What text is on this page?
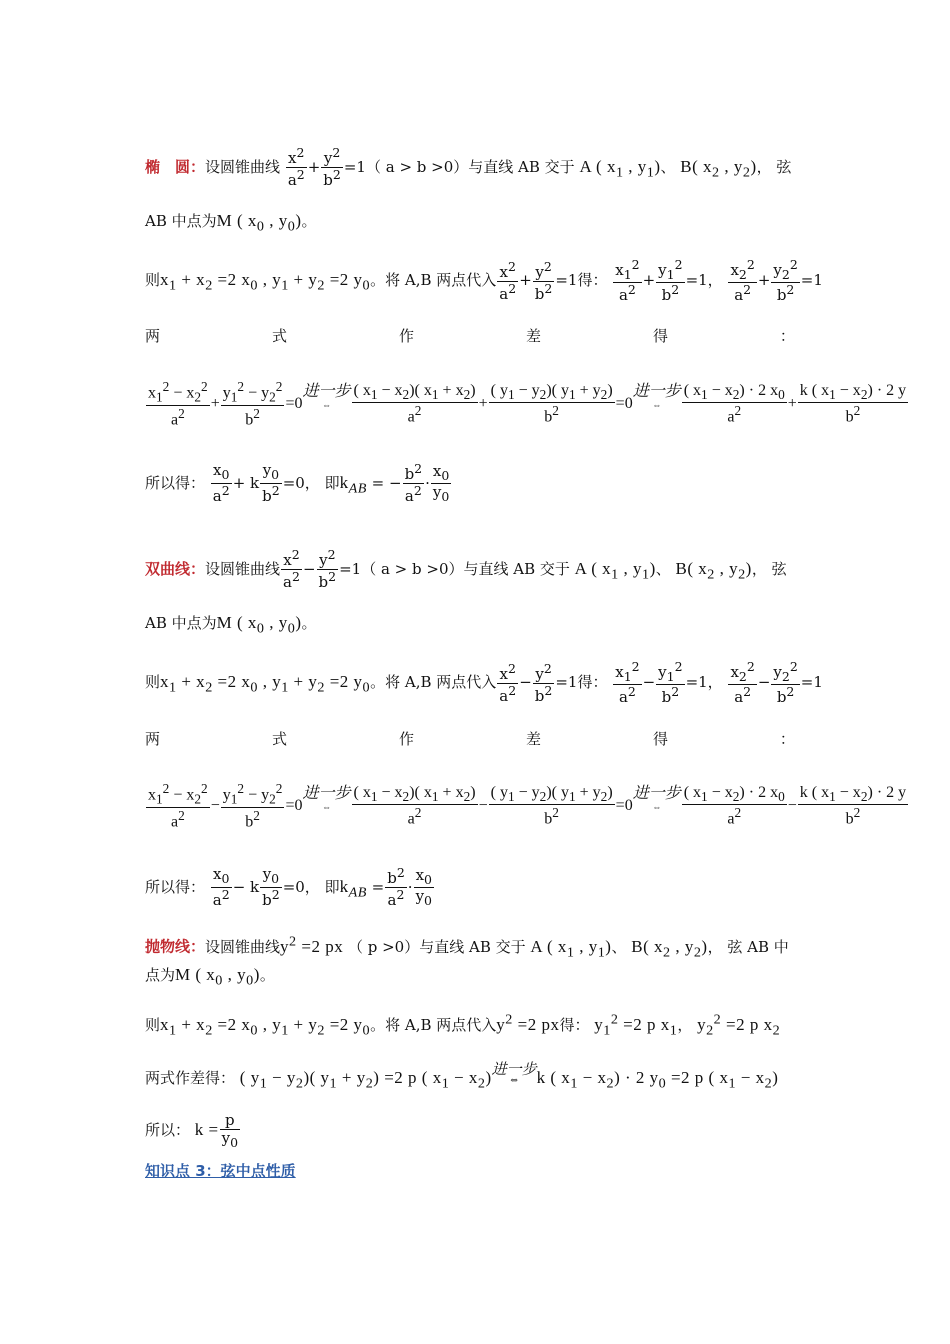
椭　圆：
设圆锥曲线 $\frac{x^2}{a^2} + \frac{y^2}{b^2} =1$（ a > b >0）与直线 AB 交于 A ( $x_1$ , $y_1$)、 B( $x_2$ , $y_2$)， 弦
AB 中点为M ( $x_0$ , $y_0$)。
则$x_1 + x_2 =2$ $x_0$ , $y_1 + y_2 =2$ $y_0$。将 A,B 两点代入 $\frac{x^2}{a^2} + \frac{y^2}{b^2} =1$得： $\frac{x_1^2}{a^2} + \frac{y_1^2}{b^2} =1$， $\frac{x_2^2}{a^2} + \frac{y_2^2}{b^2} =1$
两	式	作	差	得	：
$\frac{x_1^2 - x_2^2}{a^2} + \frac{y_1^2 - y_2^2}{b^2} =0$进一步
⇔	$\frac{( x_1 - x_2)( x_1 + x_2)}{a^2} + \frac{( y_1 - y_2)( y_1 + y_2)}{b^2} =0$进一步
⇔	$\frac{( x_1 - x_2) \cdot 2 x_0}{a^2} + \frac{k ( x_1 - x_2) \cdot 2 y}{b^2}$
所以得： $\frac{x_0}{a^2} + k \frac{y_0}{b^2} =0$， 即$k_{AB}$ = − $\frac{b^2}{a^2} \cdot \frac{x_0}{y_0}$
双曲线：
设圆锥曲线 $\frac{x^2}{a^2} - \frac{y^2}{b^2} =1$（ a > b >0）与直线 AB 交于 A ( $x_1$ , $y_1$)、 B( $x_2$ , $y_2$)， 弦
AB 中点为M ( $x_0$ , $y_0$)。
则$x_1 + x_2 =2$ $x_0$ , $y_1 + y_2 =2$ $y_0$。将 A,B 两点代入 $\frac{x^2}{a^2} - \frac{y^2}{b^2} =1$得： $\frac{x_1^2}{a^2} - \frac{y_1^2}{b^2} =1$， $\frac{x_2^2}{a^2} - \frac{y_2^2}{b^2} =1$
两	式	作	差	得	：
$\frac{x_1^2 - x_2^2}{a^2} - \frac{y_1^2 - y_2^2}{b^2} =0$进一步
⇔	$\frac{( x_1 - x_2)( x_1 + x_2)}{a^2} - \frac{( y_1 - y_2)( y_1 + y_2)}{b^2} =0$进一步
⇔	$\frac{( x_1 - x_2) \cdot 2 x_0}{a^2} - \frac{k ( x_1 - x_2) \cdot 2 y}{b^2}$
所以得： $\frac{x_0}{a^2} - k \frac{y_0}{b^2} =0$， 即$k_{AB} = \frac{b^2}{a^2} \cdot \frac{x_0}{y_0}$
抛物线：
设圆锥曲线$y^2 =2$ px （ p >0）与直线 AB 交于 A ( $x_1$ , $y_1$)、 B( $x_2$ , $y_2$)， 弦 AB 中
点为M ( $x_0$ , $y_0$)。
则$x_1 + x_2 =2$ $x_0$ , $y_1 + y_2 =2$ $y_0$。将 A,B 两点代入$y^2 =2$ px得： $y_1^2 =2$ p $x_1$， $y_2^2 =2$ p $x_2$
两式作差得： ( $y_1 - y_2$)( $y_1 + y_2) =2$ p ( $x_1 - x_2$)进一步
⇔	k ( $x_1 - x_2) \cdot 2$ $y_0 =2$ p ( $x_1 - x_2$)
所以： $k = \frac{p}{y_0}$
知识点 3：弦中点性质
